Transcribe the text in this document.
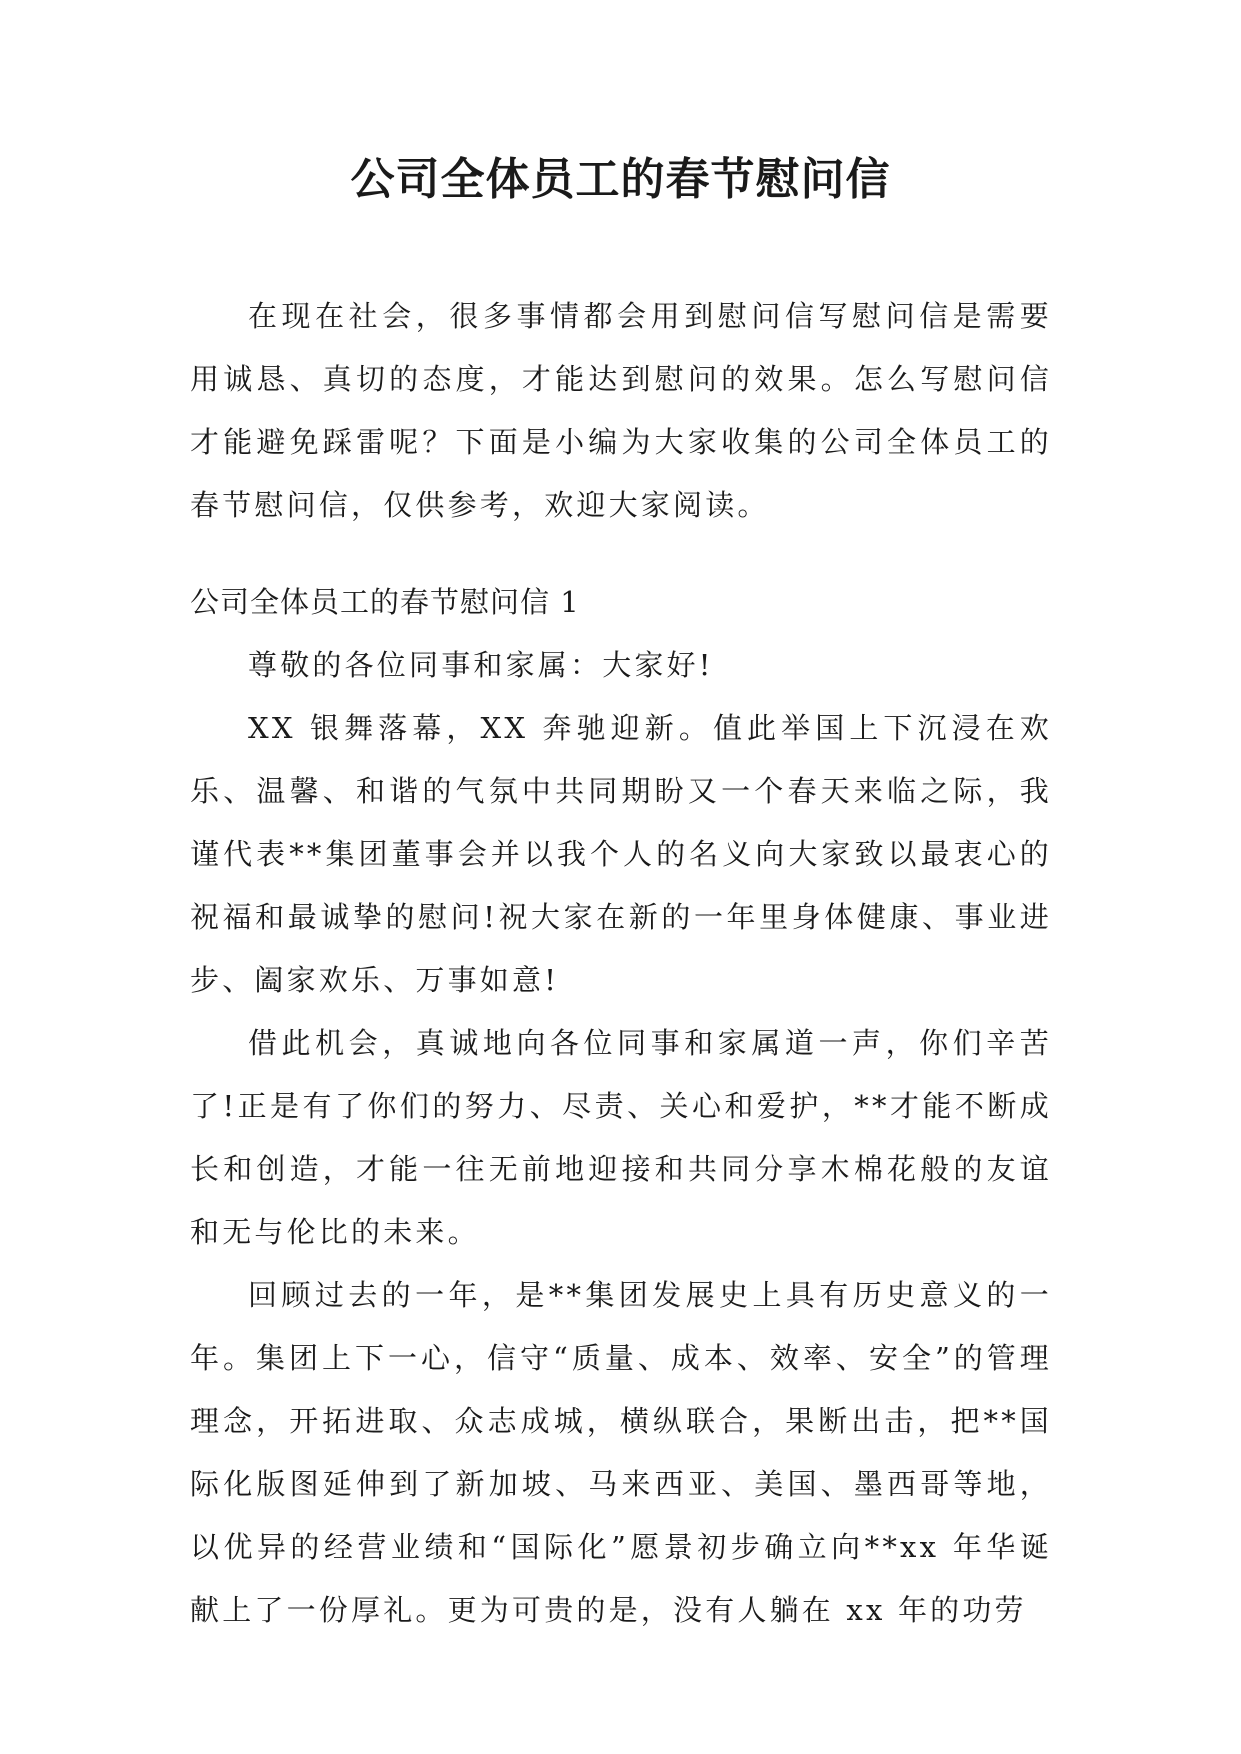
公司全体员工的春节慰问信

在现在社会，很多事情都会用到慰问信写慰问信是需要用诚恳、真切的态度，才能达到慰问的效果。怎么写慰问信才能避免踩雷呢？下面是小编为大家收集的公司全体员工的春节慰问信，仅供参考，欢迎大家阅读。

公司全体员工的春节慰问信 1

尊敬的各位同事和家属：大家好!

XX 银舞落幕，XX 奔驰迎新。值此举国上下沉浸在欢乐、温馨、和谐的气氛中共同期盼又一个春天来临之际，我谨代表**集团董事会并以我个人的名义向大家致以最衷心的祝福和最诚挚的慰问!祝大家在新的一年里身体健康、事业进步、阖家欢乐、万事如意!

借此机会，真诚地向各位同事和家属道一声，你们辛苦了!正是有了你们的努力、尽责、关心和爱护，**才能不断成长和创造，才能一往无前地迎接和共同分享木棉花般的友谊和无与伦比的未来。

回顾过去的一年，是**集团发展史上具有历史意义的一年。集团上下一心，信守“质量、成本、效率、安全”的管理理念，开拓进取、众志成城，横纵联合，果断出击，把**国际化版图延伸到了新加坡、马来西亚、美国、墨西哥等地，以优异的经营业绩和“国际化”愿景初步确立向**xx 年华诞献上了一份厚礼。更为可贵的是，没有人躺在 xx 年的功劳
